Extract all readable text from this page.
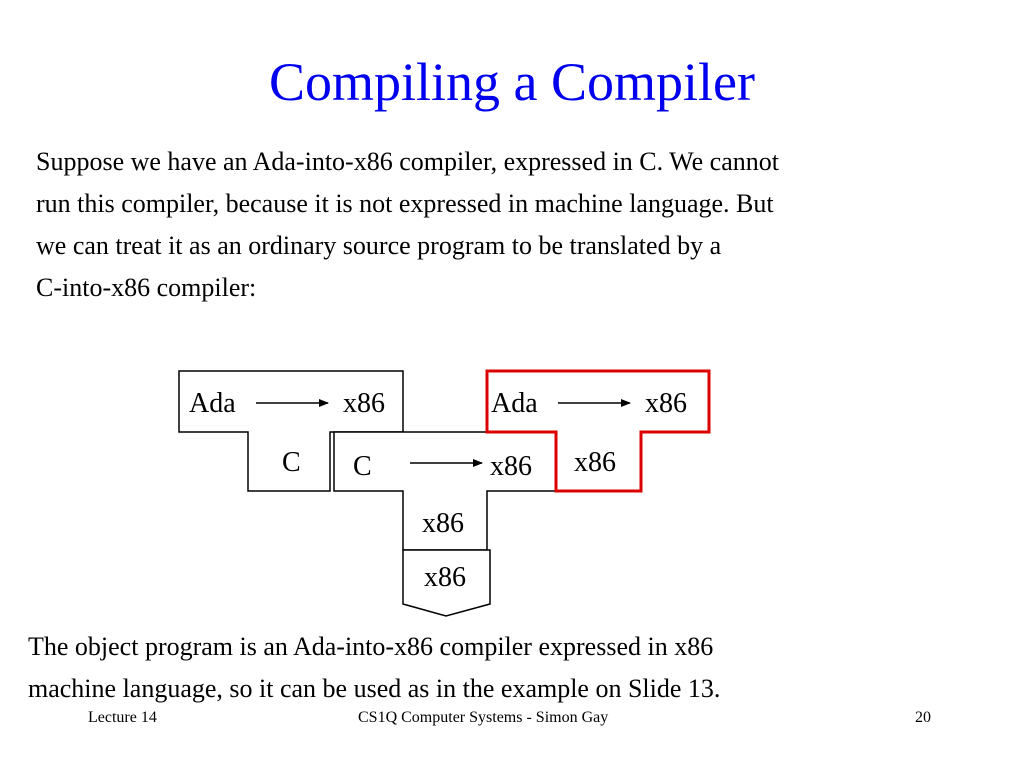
Compiling a Compiler
Suppose we have an Ada-into-x86 compiler, expressed in C. We cannot
run this compiler, because it is not expressed in machine language. But
we can treat it as an ordinary source program to be translated by a
C-into-x86 compiler:
Ada	x86
C C	x86
x86
x86
Ada	x86
x86
The object program is an Ada-into-x86 compiler expressed in x86
machine language, so it can be used as in the example on Slide 13.
Lecture 14	CS1Q Computer Systems - Simon Gay	20
